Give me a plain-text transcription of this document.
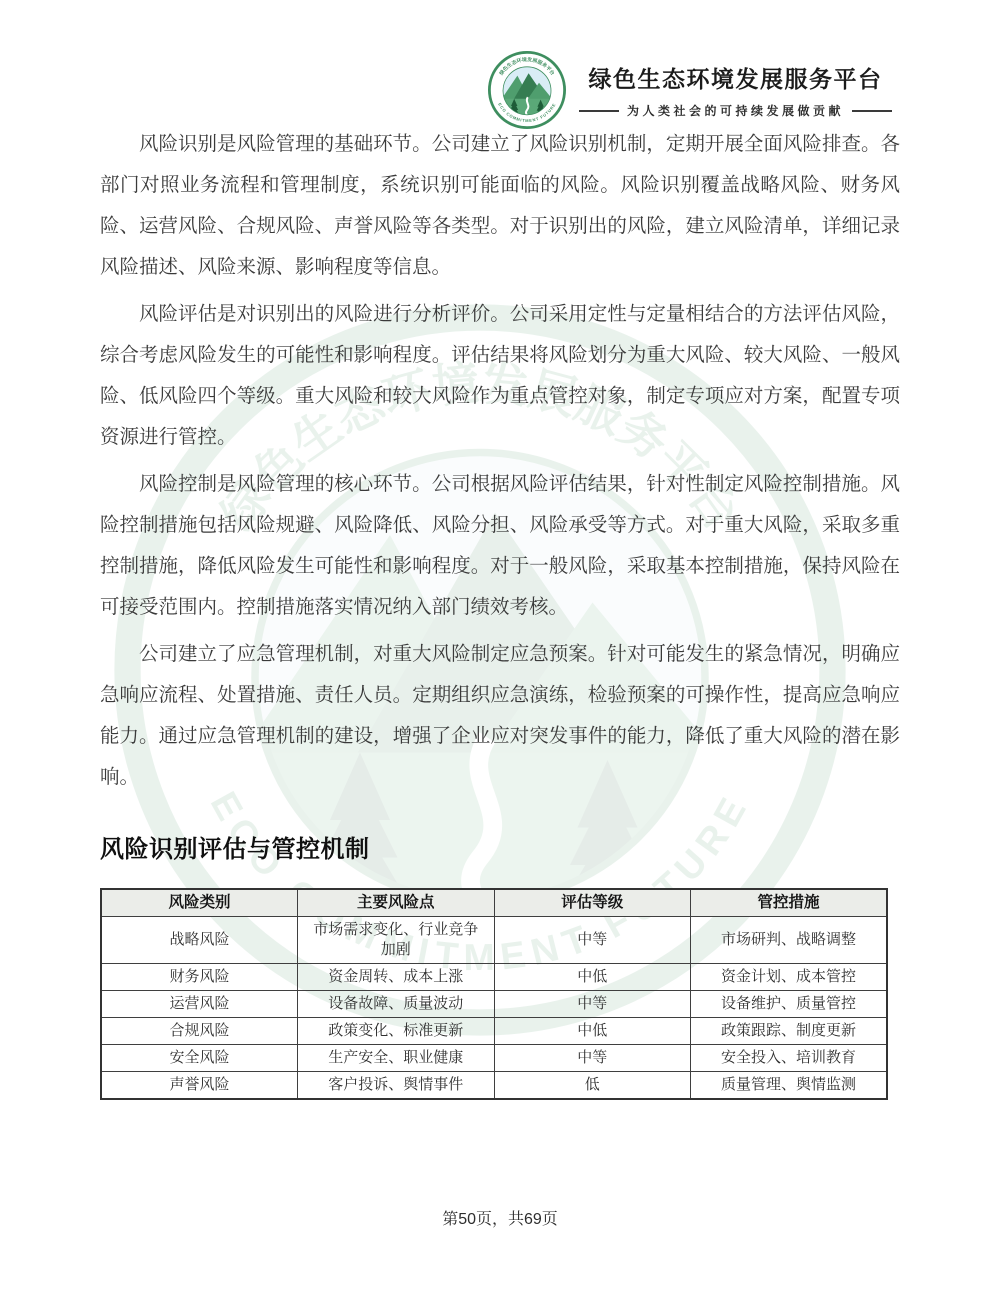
绿色生态环境发展服务平台
为人类社会的可持续发展做贡献

风险识别是风险管理的基础环节。公司建立了风险识别机制，定期开展全面风险排查。各部门对照业务流程和管理制度，系统识别可能面临的风险。风险识别覆盖战略风险、财务风险、运营风险、合规风险、声誉风险等各类型。对于识别出的风险，建立风险清单，详细记录风险描述、风险来源、影响程度等信息。

风险评估是对识别出的风险进行分析评价。公司采用定性与定量相结合的方法评估风险，综合考虑风险发生的可能性和影响程度。评估结果将风险划分为重大风险、较大风险、一般风险、低风险四个等级。重大风险和较大风险作为重点管控对象，制定专项应对方案，配置专项资源进行管控。

风险控制是风险管理的核心环节。公司根据风险评估结果，针对性制定风险控制措施。风险控制措施包括风险规避、风险降低、风险分担、风险承受等方式。对于重大风险，采取多重控制措施，降低风险发生可能性和影响程度。对于一般风险，采取基本控制措施，保持风险在可接受范围内。控制措施落实情况纳入部门绩效考核。

公司建立了应急管理机制，对重大风险制定应急预案。针对可能发生的紧急情况，明确应急响应流程、处置措施、责任人员。定期组织应急演练，检验预案的可操作性，提高应急响应能力。通过应急管理机制的建设，增强了企业应对突发事件的能力，降低了重大风险的潜在影响。

风险识别评估与管控机制
风险类别	主要风险点	评估等级	管控措施
战略风险	市场需求变化、行业竞争加剧	中等	市场研判、战略调整
财务风险	资金周转、成本上涨	中低	资金计划、成本管控
运营风险	设备故障、质量波动	中等	设备维护、质量管控
合规风险	政策变化、标准更新	中低	政策跟踪、制度更新
安全风险	生产安全、职业健康	中等	安全投入、培训教育
声誉风险	客户投诉、舆情事件	低	质量管理、舆情监测
第50页，共69页
